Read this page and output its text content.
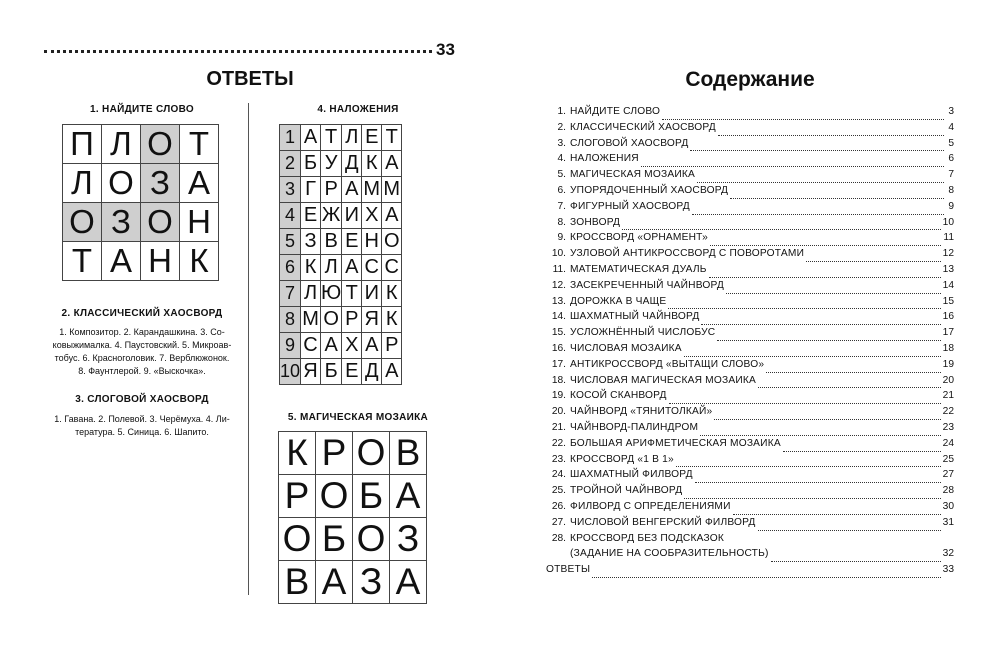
33
ОТВЕТЫ
1. НАЙДИТЕ СЛОВО
П	Л	О	Т
Л	О	З	А
О	З	О	Н
Т	А	Н	К
2. КЛАССИЧЕСКИЙ ХАОСВОРД
1. Композитор. 2. Карандашкина. 3. Со-
ковыжималка. 4. Паустовский. 5. Микроав-
тобус. 6. Красноголовик. 7. Верблюжонок.
8. Фаунтлерой. 9. «Выскочка».
3. СЛОГОВОЙ ХАОСВОРД
1. Гавана. 2. Полевой. 3. Черёмуха. 4. Ли-
тература. 5. Синица. 6. Шапито.
4. НАЛОЖЕНИЯ
1	А	Т	Л	Е	Т
2	Б	У	Д	К	А
3	Г	Р	А	М	М
4	Е	Ж	И	Х	А
5	З	В	Е	Н	О
6	К	Л	А	С	С
7	Л	Ю	Т	И	К
8	М	О	Р	Я	К
9	С	А	Х	А	Р
10	Я	Б	Е	Д	А
5. МАГИЧЕСКАЯ МОЗАИКА
К	Р	О	В
Р	О	Б	А
О	Б	О	З
В	А	З	А
Содержание
1. НАЙДИТЕ СЛОВО	3
2. КЛАССИЧЕСКИЙ ХАОСВОРД	4
3. СЛОГОВОЙ ХАОСВОРД	5
4. НАЛОЖЕНИЯ	6
5. МАГИЧЕСКАЯ МОЗАИКА	7
6. УПОРЯДОЧЕННЫЙ ХАОСВОРД	8
7. ФИГУРНЫЙ ХАОСВОРД	9
8. ЗОНВОРД	10
9. КРОССВОРД «ОРНАМЕНТ»	11
10. УЗЛОВОЙ АНТИКРОССВОРД С ПОВОРОТАМИ	12
11. МАТЕМАТИЧЕСКАЯ ДУАЛЬ	13
12. ЗАСЕКРЕЧЕННЫЙ ЧАЙНВОРД	14
13. ДОРОЖКА В ЧАЩЕ	15
14. ШАХМАТНЫЙ ЧАЙНВОРД	16
15. УСЛОЖНЁННЫЙ ЧИСЛОБУС	17
16. ЧИСЛОВАЯ МОЗАИКА	18
17. АНТИКРОССВОРД «ВЫТАЩИ СЛОВО»	19
18. ЧИСЛОВАЯ МАГИЧЕСКАЯ МОЗАИКА	20
19. КОСОЙ СКАНВОРД	21
20. ЧАЙНВОРД «ТЯНИТОЛКАЙ»	22
21. ЧАЙНВОРД-ПАЛИНДРОМ	23
22. БОЛЬШАЯ АРИФМЕТИЧЕСКАЯ МОЗАИКА	24
23. КРОССВОРД «1 В 1»	25
24. ШАХМАТНЫЙ ФИЛВОРД	27
25. ТРОЙНОЙ ЧАЙНВОРД	28
26. ФИЛВОРД С ОПРЕДЕЛЕНИЯМИ	30
27. ЧИСЛОВОЙ ВЕНГЕРСКИЙ ФИЛВОРД	31
28. КРОССВОРД БЕЗ ПОДСКАЗОК
(ЗАДАНИЕ НА СООБРАЗИТЕЛЬНОСТЬ)	32
ОТВЕТЫ	33
